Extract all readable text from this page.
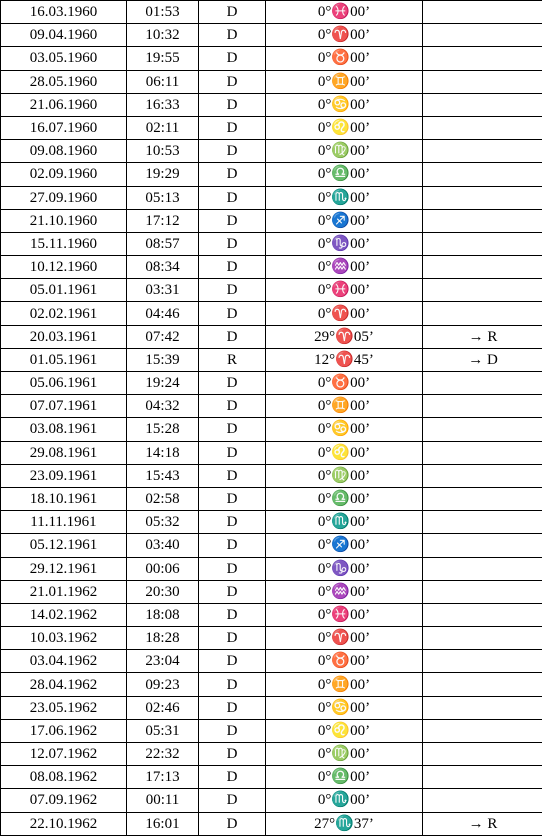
16.03.1960	01:53	D	0°♓00’	
09.04.1960	10:32	D	0°♈00’	
03.05.1960	19:55	D	0°♉00’	
28.05.1960	06:11	D	0°♊00’	
21.06.1960	16:33	D	0°♋00’	
16.07.1960	02:11	D	0°♌00’	
09.08.1960	10:53	D	0°♍00’	
02.09.1960	19:29	D	0°♎00’	
27.09.1960	05:13	D	0°♏00’	
21.10.1960	17:12	D	0°♐00’	
15.11.1960	08:57	D	0°♑00’	
10.12.1960	08:34	D	0°♒00’	
05.01.1961	03:31	D	0°♓00’	
02.02.1961	04:46	D	0°♈00’	
20.03.1961	07:42	D	29°♈05’	→ R
01.05.1961	15:39	R	12°♈45’	→ D
05.06.1961	19:24	D	0°♉00’	
07.07.1961	04:32	D	0°♊00’	
03.08.1961	15:28	D	0°♋00’	
29.08.1961	14:18	D	0°♌00’	
23.09.1961	15:43	D	0°♍00’	
18.10.1961	02:58	D	0°♎00’	
11.11.1961	05:32	D	0°♏00’	
05.12.1961	03:40	D	0°♐00’	
29.12.1961	00:06	D	0°♑00’	
21.01.1962	20:30	D	0°♒00’	
14.02.1962	18:08	D	0°♓00’	
10.03.1962	18:28	D	0°♈00’	
03.04.1962	23:04	D	0°♉00’	
28.04.1962	09:23	D	0°♊00’	
23.05.1962	02:46	D	0°♋00’	
17.06.1962	05:31	D	0°♌00’	
12.07.1962	22:32	D	0°♍00’	
08.08.1962	17:13	D	0°♎00’	
07.09.1962	00:11	D	0°♏00’	
22.10.1962	16:01	D	27°♏37’	→ R
